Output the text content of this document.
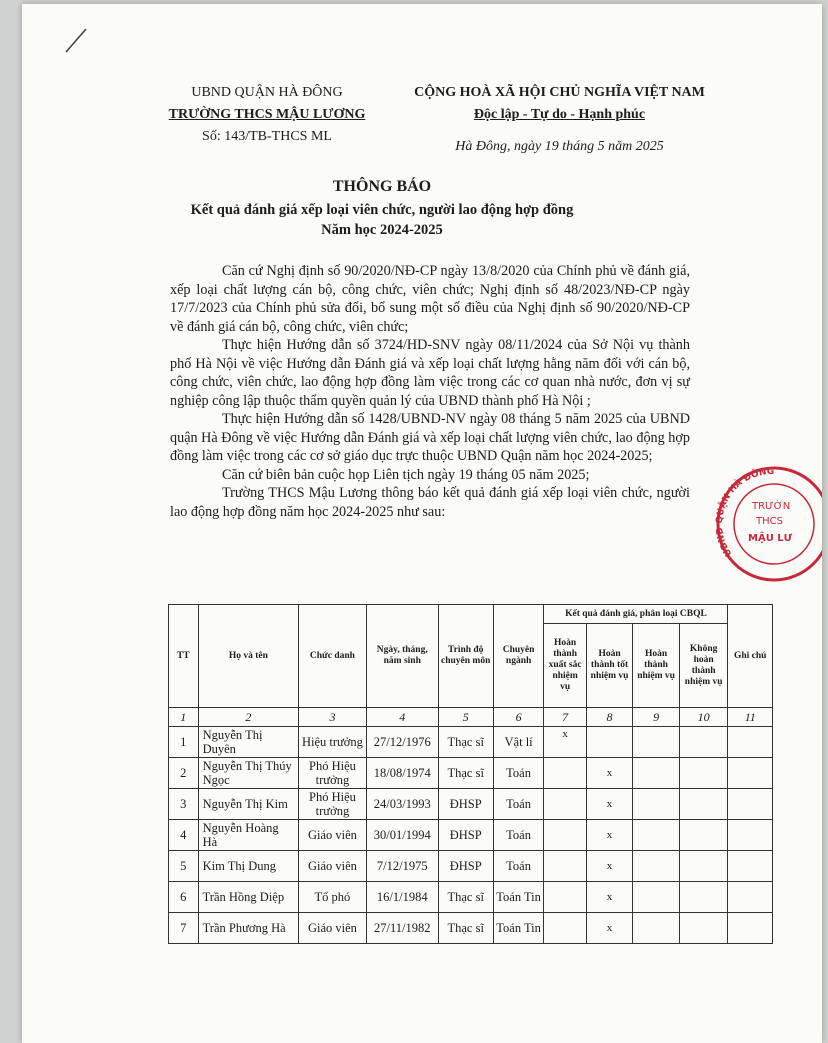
UBND QUẬN HÀ ĐÔNG
TRƯỜNG THCS MẬU LƯƠNG
Số: 143/TB-THCS ML
CỘNG HOÀ XÃ HỘI CHỦ NGHĨA VIỆT NAM
Độc lập - Tự do - Hạnh phúc
Hà Đông, ngày 19 tháng 5 năm 2025
THÔNG BÁO
Kết quả đánh giá xếp loại viên chức, người lao động hợp đồng
Năm học 2024-2025

Căn cứ Nghị định số 90/2020/NĐ-CP ngày 13/8/2020 của Chính phủ về đánh giá, xếp loại chất lượng cán bộ, công chức, viên chức; Nghị định số 48/2023/NĐ-CP ngày 17/7/2023 của Chính phủ sửa đổi, bổ sung một số điều của Nghị định số 90/2020/NĐ-CP về đánh giá cán bộ, công chức, viên chức;

Thực hiện Hướng dẫn số 3724/HD-SNV ngày 08/11/2024 của Sở Nội vụ thành phố Hà Nội về việc Hướng dẫn Đánh giá và xếp loại chất lượng hằng năm đối với cán bộ, công chức, viên chức, lao động hợp đồng làm việc trong các cơ quan nhà nước, đơn vị sự nghiệp công lập thuộc thẩm quyền quản lý của UBND thành phố Hà Nội ;

Thực hiện Hướng dẫn số 1428/UBND-NV ngày 08 tháng 5 năm 2025 của UBND quận Hà Đông về việc Hướng dẫn Đánh giá và xếp loại chất lượng viên chức, lao động hợp đồng làm việc trong các cơ sở giáo dục trực thuộc UBND Quận năm học 2024-2025;

Căn cứ biên bản cuộc họp Liên tịch ngày 19 tháng 05 năm 2025;

Trường THCS Mậu Lương thông báo kết quả đánh giá xếp loại viên chức, người lao động hợp đồng năm học 2024-2025 như sau:

UBND QUẬN HÀ ĐÔNG
TRƯỜN
THCS
MẬU LƯ
TT	Họ và tên	Chức danh	Ngày, tháng, năm sinh	Trình độ chuyên môn	Chuyên ngành	Kết quả đánh giá, phân loại CBQL				Ghi chú
						Hoàn thành xuất sắc nhiệm vụ	Hoàn thành tốt nhiệm vụ	Hoàn thành nhiệm vụ	Không hoàn thành nhiệm vụ	
1	2	3	4	5	6	7	8	9	10	11
1	Nguyễn Thị Duyên	Hiệu trưởng	27/12/1976	Thạc sĩ	Vật lí	x				
2	Nguyễn Thị Thúy Ngọc	Phó Hiệu trưởng	18/08/1974	Thạc sĩ	Toán		x			
3	Nguyễn Thị Kim	Phó Hiệu trưởng	24/03/1993	ĐHSP	Toán		x			
4	Nguyễn Hoàng Hà	Giáo viên	30/01/1994	ĐHSP	Toán		x			
5	Kim Thị Dung	Giáo viên	7/12/1975	ĐHSP	Toán		x			
6	Trần Hồng Diệp	Tổ phó	16/1/1984	Thạc sĩ	Toán Tin		x			
7	Trần Phương Hà	Giáo viên	27/11/1982	Thạc sĩ	Toán Tin		x			
